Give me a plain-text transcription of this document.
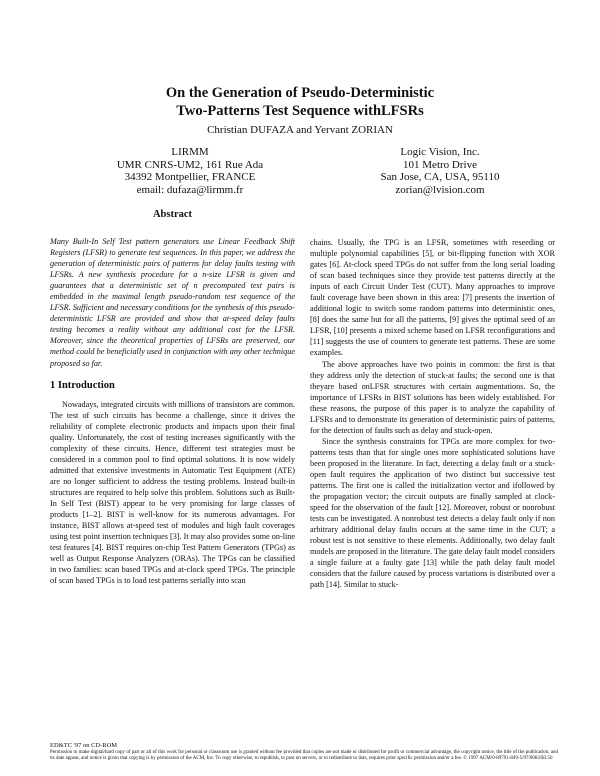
On the Generation of Pseudo-Deterministic
Two-Patterns Test Sequence withLFSRs
Christian DUFAZA and Yervant ZORIAN
LIRMM
UMR CNRS-UM2, 161 Rue Ada
34392 Montpellier, FRANCE
email: dufaza@lirmm.fr
Logic Vision, Inc.
101 Metro Drive
San Jose, CA, USA, 95110
zorian@lvision.com
Abstract

Many Built-In Self Test pattern generators use Linear Feedback Shift Registers (LFSR) to generate test sequences. In this paper, we address the generation of deterministic pairs of patterns for delay faults testing with LFSRs. A new synthesis procedure for a n-size LFSR is given and guarantees that a deterministic set of n precomputed test pairs is embedded in the maximal length pseudo-random test sequence of the LFSR. Sufficient and necessary conditions for the synthesis of this pseudo-deterministic LFSR are provided and show that at-speed delay faults testing becomes a reality without any additional cost for the LFSR. Moreover, since the theoretical properties of LFSRs are preserved, our method could be beneficially used in conjunction with any other technique proposed so far.

1 Introduction

Nowadays, integrated circuits with millions of transistors are common. The test of such circuits has become a challenge, since it drives the reliability of complete electronic products and impacts upon their final quality. Unfortunately, the cost of testing increases significantly with the complexity of these circuits. Hence, different test strategies must be considered in a common pool to find optimal solutions. It is now widely admitted that extensive investments in Automatic Test Equipment (ATE) are no longer sufficient to address the testing problems. Instead built-in structures are required to help solve this problem. Solutions such as Built-In Self Test (BIST) appear to be very promising for large classes of products [1–2]. BIST is well-know for its numerous advantages. For instance, BIST allows at-speed test of modules and high fault coverages using test point insertion techniques [3]. It may also provides some on-line test features [4]. BIST requires on-chip Test Pattern Generators (TPGs) as well as Output Response Analyzers (ORAs). The TPGs can be classified in two families: scan based TPGs and at-clock speed TPGs. The principle of scan based TPGs is to load test patterns serially into scan

chains. Usually, the TPG is an LFSR, sometimes with reseeding or multiple polynomial capabilities [5], or bit-flipping function with XOR gates [6]. At-clock speed TPGs do not suffer from the long serial loading of scan based techniques since they provide test patterns directly at the inputs of each Circuit Under Test (CUT). Many approaches to improve fault coverage have been shown in this area: [7] presents the insertion of additional logic to switch some random patterns into deterministic ones, [8] does the same but for all the patterns, [9] gives the optimal seed of an LFSR, [10] presents a mixed scheme based on LFSR reconfigurations and [11] suggests the use of counters to generate test patterns. These are some examples.

The above approaches have two points in common: the first is that they address only the detection of stuck-at faults; the second one is that theyare based onLFSR structures with certain augmentations. So, the importance of LFSRs in BIST solutions has been widely established. For these reasons, the purpose of this paper is to analyze the capability of LFSRs and to demonstrate its generation of deterministic pairs of patterns, for the detection of faults such as delay and stuck-open.

Since the synthesis constraints for TPGs are more complex for two-patterns tests than that for single ones more sophisticated solutions have been proposed in the literature. In fact, detecting a delay fault or a stuck-open fault requires the application of two distinct but successive test patterns. The first one is called the initialization vector and ifollowed by the propagation vector; the circuit outputs are finally sampled at clock-speed for the observation of the fault [12]. Moreover, robust or nonrobust tests can be investigated. A nonrobust test detects a delay fault only if non arbitrary additional delay faults occurs at the same time in the CUT; a robust test is not sensitive to these elements. Additionally, two delay fault models are proposed in the literature. The gate delay fault model considers a single failure at a faulty gate [13] while the path delay fault model considers that the failure caused by process variations is distributed over a path [14]. Similar to stuck-

ED&TC '97 on CD-ROM
Permission to make digital/hard copy of part or all of this work for personal or classroom use is granted without fee provided that copies are not made or distributed for profit or commercial advantage, the copyright notice, the title of the publication, and its date appear, and notice is given that copying is by permission of the ACM, Inc. To copy otherwise, to republish, to post on servers, or to redistribute to lists, requires prior specific permission and/or a fee. © 1997 ACM/0-89791-849-5/97/0003/$3.50
